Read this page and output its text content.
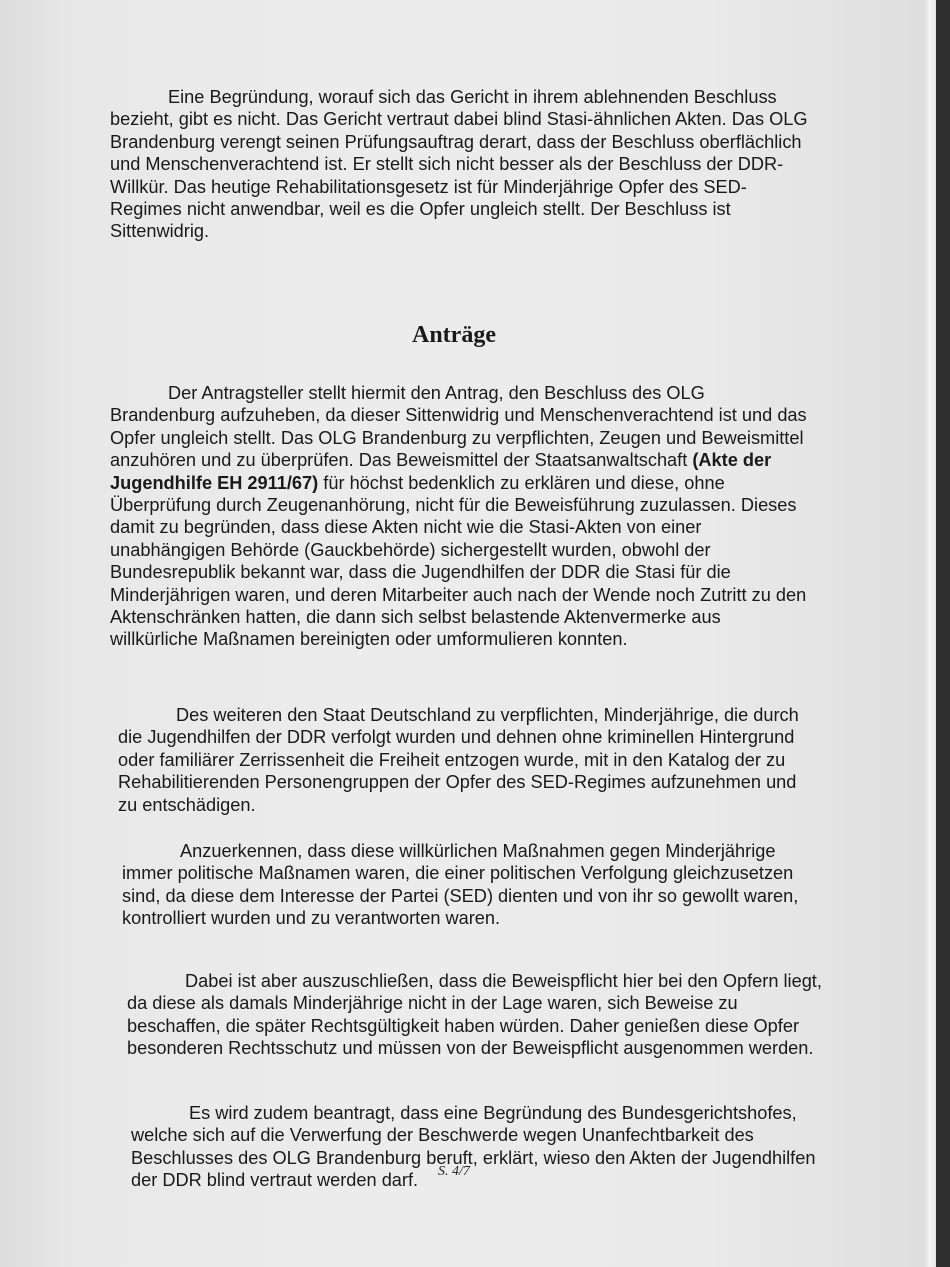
Eine Begründung, worauf sich das Gericht in ihrem ablehnenden Beschluss bezieht, gibt es nicht. Das Gericht vertraut dabei blind Stasi-ähnlichen Akten. Das OLG Brandenburg verengt seinen Prüfungsauftrag derart, dass der Beschluss oberflächlich und Menschenverachtend ist. Er stellt sich nicht besser als der Beschluss der DDR-Willkür. Das heutige Rehabilitationsgesetz ist für Minderjährige Opfer des SED-Regimes nicht anwendbar, weil es die Opfer ungleich stellt. Der Beschluss ist Sittenwidrig.

Anträge

Der Antragsteller stellt hiermit den Antrag, den Beschluss des OLG Brandenburg aufzuheben, da dieser Sittenwidrig und Menschenverachtend ist und das Opfer ungleich stellt. Das OLG Brandenburg zu verpflichten, Zeugen und Beweismittel anzuhören und zu überprüfen. Das Beweismittel der Staatsanwaltschaft (Akte der Jugendhilfe EH 2911/67) für höchst bedenklich zu erklären und diese, ohne Überprüfung durch Zeugenanhörung, nicht für die Beweisführung zuzulassen. Dieses damit zu begründen, dass diese Akten nicht wie die Stasi-Akten von einer unabhängigen Behörde (Gauckbehörde) sichergestellt wurden, obwohl der Bundesrepublik bekannt war, dass die Jugendhilfen der DDR die Stasi für die Minderjährigen waren, und deren Mitarbeiter auch nach der Wende noch Zutritt zu den Aktenschränken hatten, die dann sich selbst belastende Aktenvermerke aus willkürliche Maßnamen bereinigten oder umformulieren konnten.

Des weiteren den Staat Deutschland zu verpflichten, Minderjährige, die durch die Jugendhilfen der DDR verfolgt wurden und dehnen ohne kriminellen Hintergrund oder familiärer Zerrissenheit die Freiheit entzogen wurde, mit in den Katalog der zu Rehabilitierenden Personengruppen der Opfer des SED-Regimes aufzunehmen und zu entschädigen.

Anzuerkennen, dass diese willkürlichen Maßnahmen gegen Minderjährige immer politische Maßnamen waren, die einer politischen Verfolgung gleichzusetzen sind, da diese dem Interesse der Partei (SED) dienten und von ihr so gewollt waren, kontrolliert wurden und zu verantworten waren.

Dabei ist aber auszuschließen, dass die Beweispflicht hier bei den Opfern liegt, da diese als damals Minderjährige nicht in der Lage waren, sich Beweise zu beschaffen, die später Rechtsgültigkeit haben würden. Daher genießen diese Opfer besonderen Rechtsschutz und müssen von der Beweispflicht ausgenommen werden.

Es wird zudem beantragt, dass eine Begründung des Bundesgerichtshofes, welche sich auf die Verwerfung der Beschwerde wegen Unanfechtbarkeit des Beschlusses des OLG Brandenburg beruft, erklärt, wieso den Akten der Jugendhilfen der DDR blind vertraut werden darf.	S. 4/7
